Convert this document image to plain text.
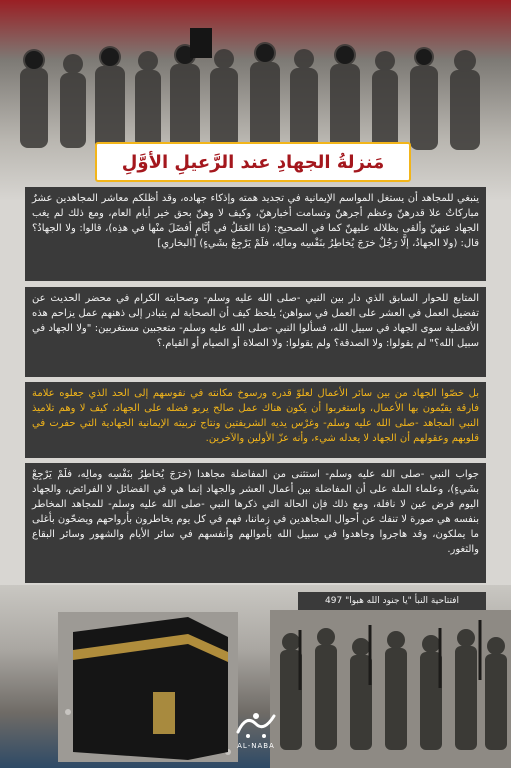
مَنزلةُ الجهادِ عند الرَّعيلِ الأوَّلِ
ينبغي للمجاهد أن يستغل المواسم الإيمانية في تجديد همته وإذكاء جهاده، وقد أظلكم معاشر المجاهدين عشرٌ مباركاتٌ علا قدرهنّ وعظم أجرهنّ وتسامت أخبارهنّ، وكيف لا وهنّ بحق خير أيام العام، ومع ذلك لم يغب الجهاد عنهنّ وألقى بظلاله عليهنّ كما في الصحيح: (مَا العَمَلُ في أيَّامٍ أفضَلَ منْها في هذِه)، قالوا: ولا الجهادُ؟ قال: (ولا الجهادُ، إلَّا رَجُلٌ خرَجَ يُخاطِرُ بنَفْسِه ومالِه، فلَمْ يَرْجِعْ بشَيءٍ) [البخاري]
المتابع للحوار السابق الذي دار بين النبي -صلى الله عليه وسلم- وصحابته الكرام في محضر الحديث عن تفضيل العمل في العشر على العمل في سواهن؛ يلحظ كيف أن الصحابة لم يتبادر إلى ذهنهم عمل يزاحم هذه الأفضلية سوى الجهاد في سبيل الله، فسألوا النبي -صلى الله عليه وسلم- متعجبين مستغربين: "ولا الجهاد في سبيل الله؟" لم يقولوا: ولا الصدقة؟ ولم يقولوا: ولا الصلاة أو الصيام أو القيام.؟
بل خصّوا الجهاد من بين سائر الأعمال لعلوّ قدره ورسوخ مكانته في نفوسهم إلى الحد الذي جعلوه علامة فارقة يقيّمون بها الأعمال، واستغربوا أن يكون هناك عمل صالح يربو فضله على الجهاد، كيف لا وهم تلاميذ النبي المجاهد -صلى الله عليه وسلم- وغرْس يديه الشريفتين ونتاج تربيته الإيمانية الجهادية التي حفرت في قلوبهم وعقولهم أن الجهاد لا يعدله شيء، وأنه عزّ الأولين والآخرين.
جواب النبي -صلى الله عليه وسلم- استثنى من المفاضلة مجاهدا (خرَجَ يُخاطِرُ بنَفْسِه ومالِه، فلَمْ يَرْجِعْ بشَيءٍ)، وعلماء الملة على أن المفاضلة بين أعمال العشر والجهاد إنما هي في الفضائل لا الفرائض، والجهاد اليوم فرض عين لا نافلة، ومع ذلك فإن الحالة التي ذكرها النبي -صلى الله عليه وسلم- للمجاهد المخاطر بنفسه هي صورة لا تنفك عن أحوال المجاهدين في زماننا، فهم في كل يوم يخاطرون بأرواحهم ويضحّون بأغلى ما يملكون، وقد هاجروا وجاهدوا في سبيل الله بأموالهم وأنفسهم في سائر الأيام والشهور وسائر البقاع والثغور.
افتتاحية النبأ "يا جنود الله هبوا" 497
AL-NABA
